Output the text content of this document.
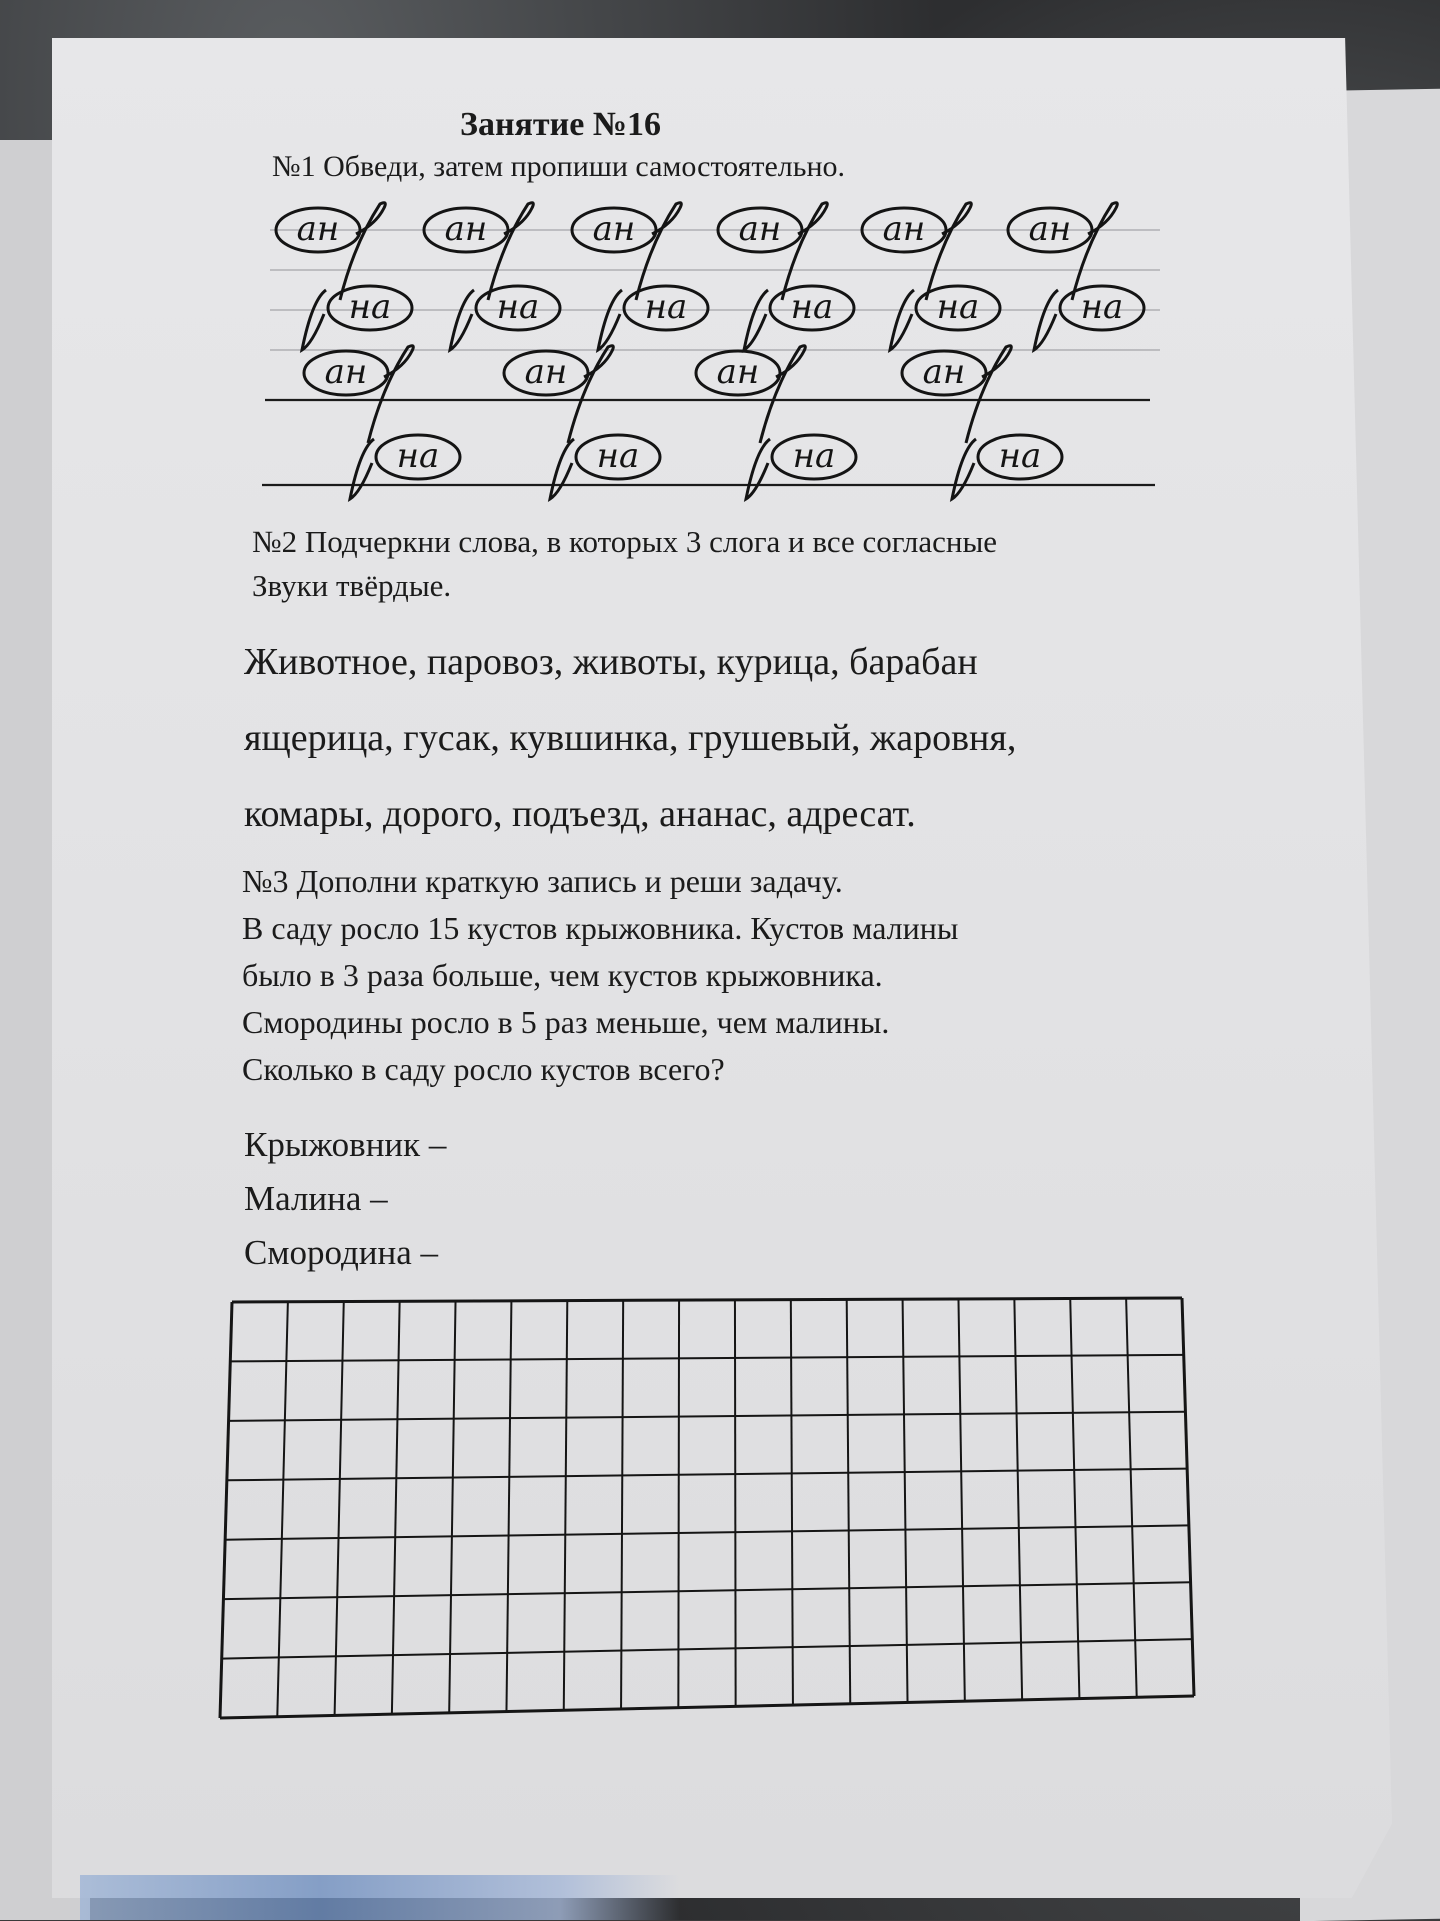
Занятие №16
№1 Обведи, затем пропиши самостоятельно.
ан	ан	ан	ан	ан	ан
на	на	на	на	на	на
ан	ан	ан	ан
на	на	на	на
№2 Подчеркни слова, в которых 3 слога и все согласные
Звуки твёрдые.
Животное, паровоз, животы, курица, барабан
ящерица, гусак, кувшинка, грушевый, жаровня,
комары, дорого, подъезд, ананас, адресат.
№3 Дополни краткую запись и реши задачу.
В саду росло 15 кустов крыжовника. Кустов малины
было в 3 раза больше, чем кустов крыжовника.
Смородины росло в 5 раз меньше, чем малины.
Сколько в саду росло кустов всего?
Крыжовник –
Малина –
Смородина –
